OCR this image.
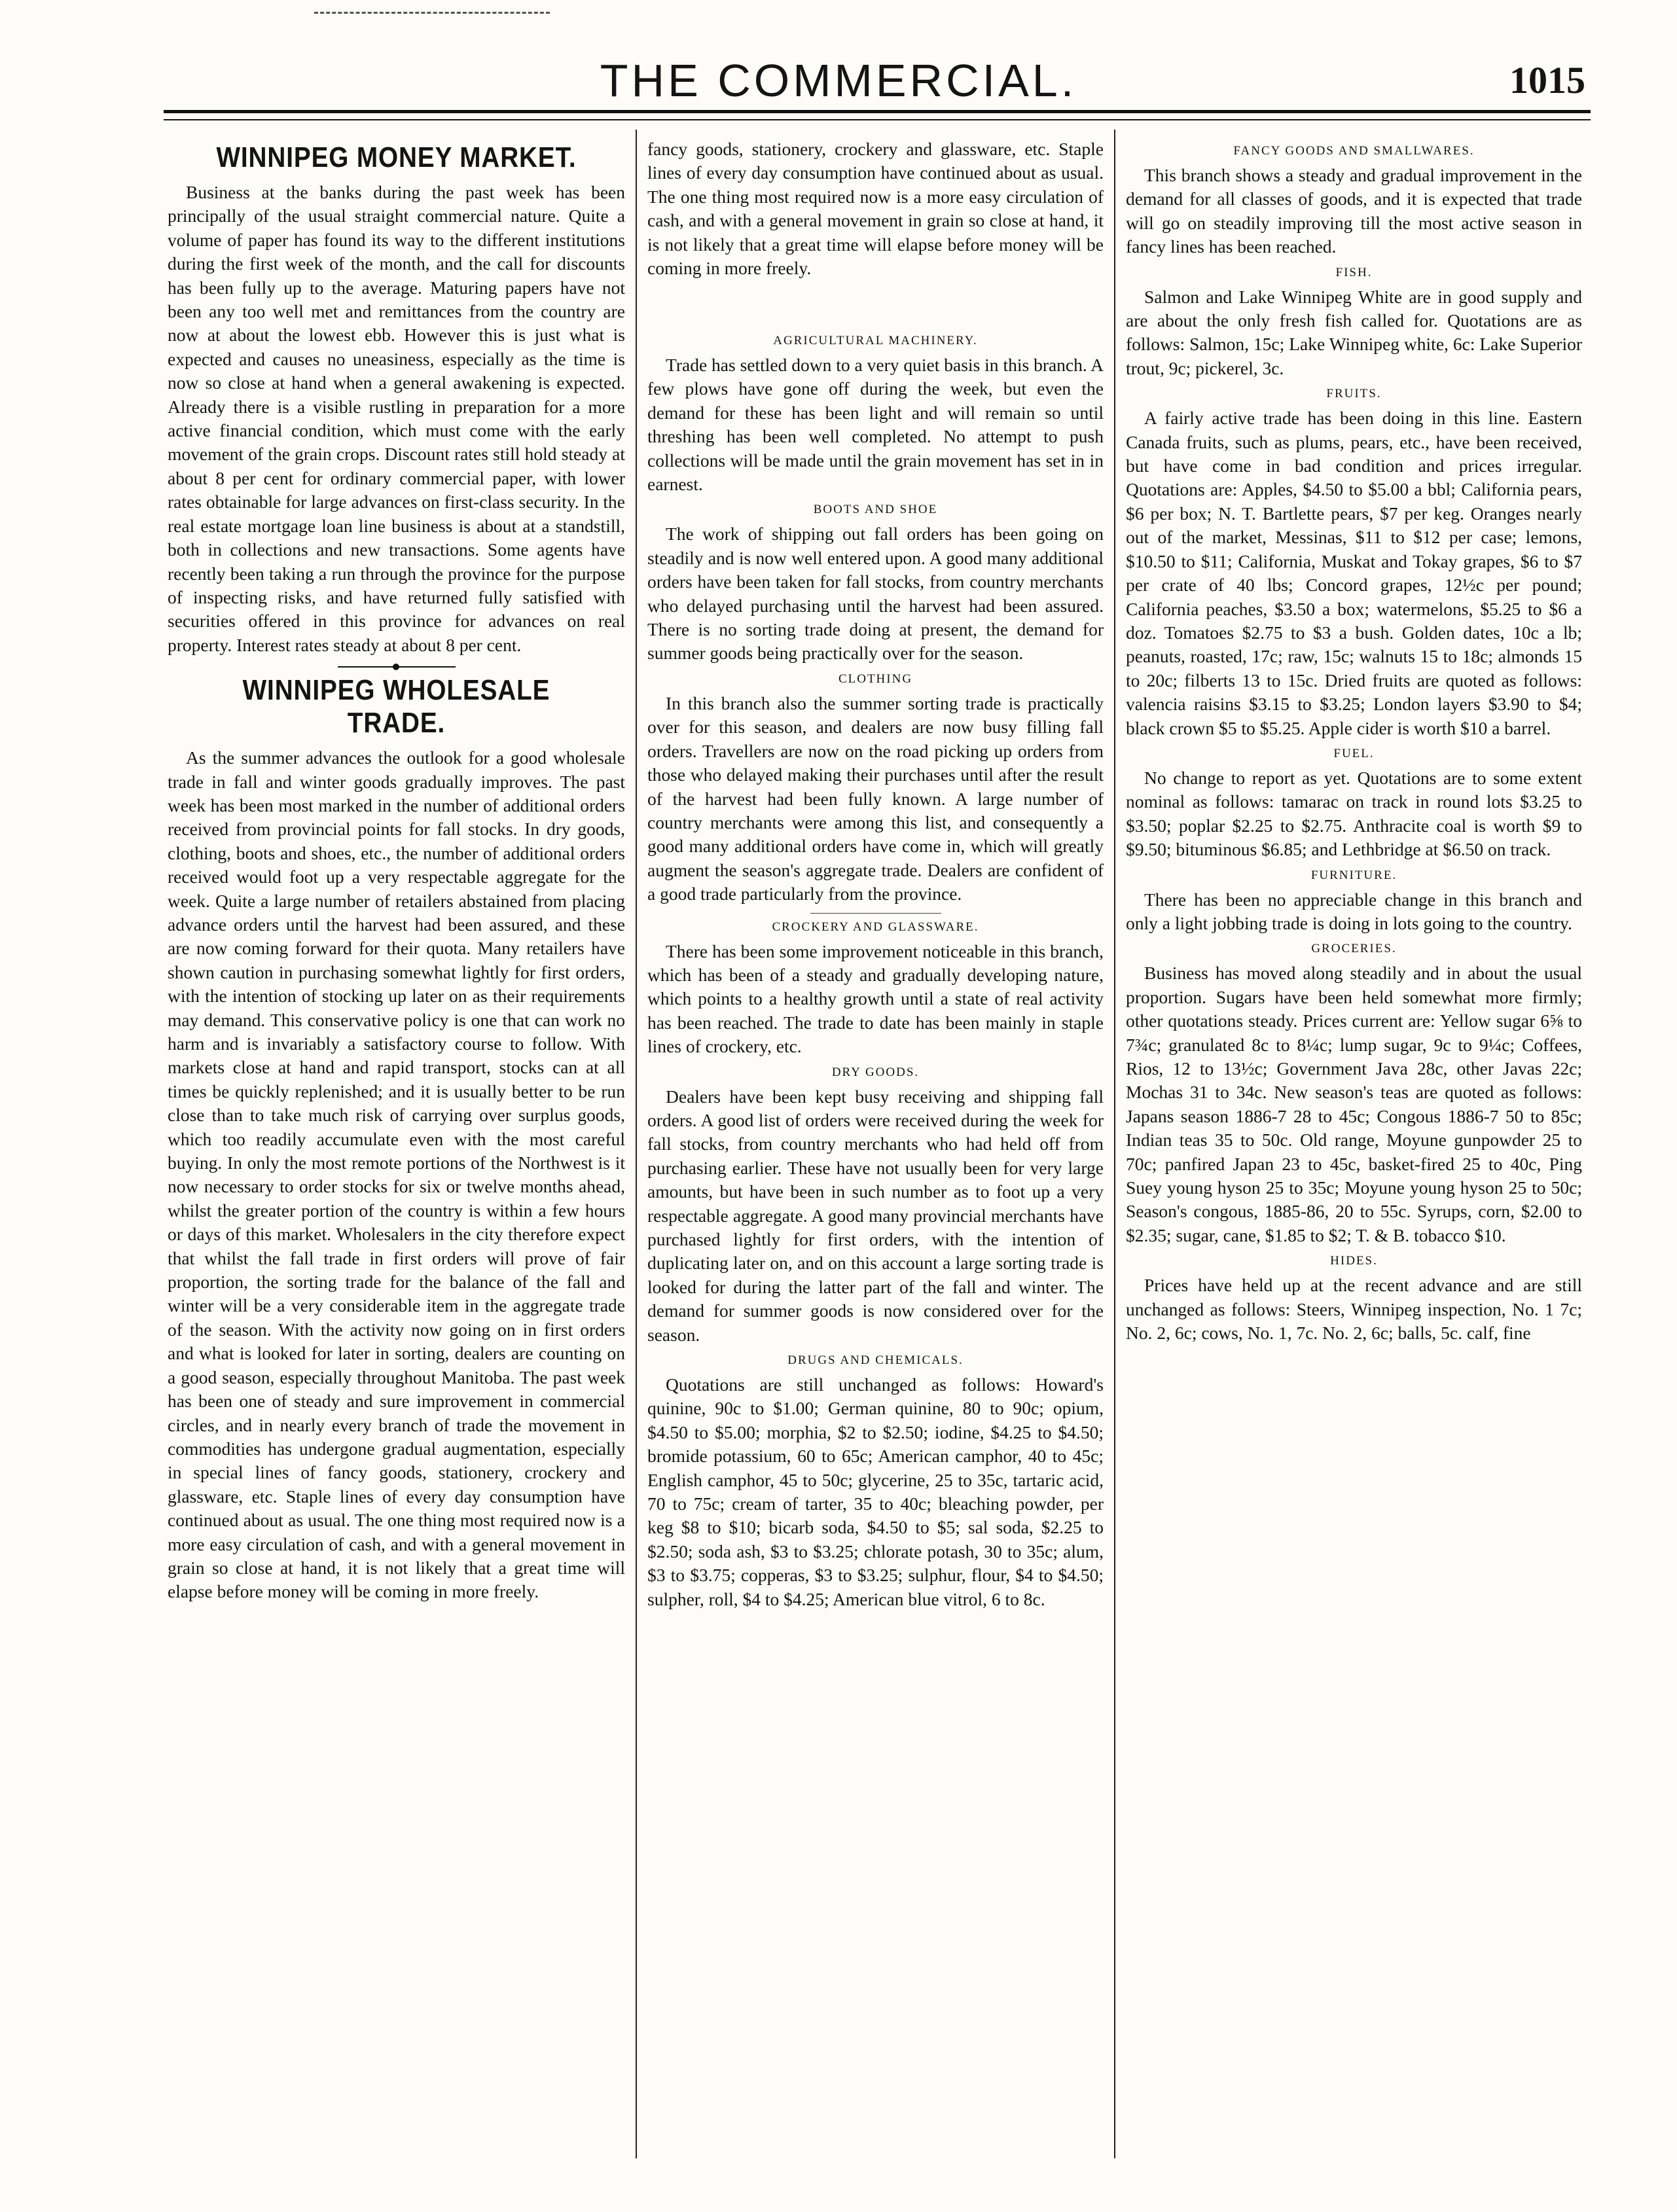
THE COMMERCIAL.	1015
WINNIPEG MONEY MARKET.

Business at the banks during the past week has been principally of the usual straight commercial nature. Quite a volume of paper has found its way to the different institutions during the first week of the month, and the call for discounts has been fully up to the average. Maturing papers have not been any too well met and remittances from the country are now at about the lowest ebb. However this is just what is expected and causes no uneasiness, especially as the time is now so close at hand when a general awakening is expected. Already there is a visible rustling in preparation for a more active financial condition, which must come with the early movement of the grain crops. Discount rates still hold steady at about 8 per cent for ordinary commercial paper, with lower rates obtainable for large advances on first-class security. In the real estate mortgage loan line business is about at a standstill, both in collections and new transactions. Some agents have recently been taking a run through the province for the purpose of inspecting risks, and have returned fully satisfied with securities offered in this province for advances on real property. Interest rates steady at about 8 per cent.

WINNIPEG WHOLESALE TRADE.

As the summer advances the outlook for a good wholesale trade in fall and winter goods gradually improves. The past week has been most marked in the number of additional orders received from provincial points for fall stocks. In dry goods, clothing, boots and shoes, etc., the number of additional orders received would foot up a very respectable aggregate for the week. Quite a large number of retailers abstained from placing advance orders until the harvest had been assured, and these are now coming forward for their quota. Many retailers have shown caution in purchasing somewhat lightly for first orders, with the intention of stocking up later on as their requirements may demand. This conservative policy is one that can work no harm and is invariably a satisfactory course to follow. With markets close at hand and rapid transport, stocks can at all times be quickly replenished; and it is usually better to be run close than to take much risk of carrying over surplus goods, which too readily accumulate even with the most careful buying. In only the most remote portions of the Northwest is it now necessary to order stocks for six or twelve months ahead, whilst the greater portion of the country is within a few hours or days of this market. Wholesalers in the city therefore expect that whilst the fall trade in first orders will prove of fair proportion, the sorting trade for the balance of the fall and winter will be a very considerable item in the aggregate trade of the season. With the activity now going on in first orders and what is looked for later in sorting, dealers are counting on a good season, especially throughout Manitoba. The past week has been one of steady and sure improvement in commercial circles, and in nearly every branch of trade the movement in commodities has undergone gradual augmentation, especially in special lines of fancy goods, stationery, crockery and glassware, etc. Staple lines of every day consumption have continued about as usual. The one thing most required now is a more easy circulation of cash, and with a general movement in grain so close at hand, it is not likely that a great time will elapse before money will be coming in more freely.

fancy goods, stationery, crockery and glassware, etc. Staple lines of every day consumption have continued about as usual. The one thing most required now is a more easy circulation of cash, and with a general movement in grain so close at hand, it is not likely that a great time will elapse before money will be coming in more freely.

AGRICULTURAL MACHINERY.

Trade has settled down to a very quiet basis in this branch. A few plows have gone off during the week, but even the demand for these has been light and will remain so until threshing has been well completed. No attempt to push collections will be made until the grain movement has set in in earnest.

BOOTS AND SHOE

The work of shipping out fall orders has been going on steadily and is now well entered upon. A good many additional orders have been taken for fall stocks, from country merchants who delayed purchasing until the harvest had been assured. There is no sorting trade doing at present, the demand for summer goods being practically over for the season.

CLOTHING

In this branch also the summer sorting trade is practically over for this season, and dealers are now busy filling fall orders. Travellers are now on the road picking up orders from those who delayed making their purchases until after the result of the harvest had been fully known. A large number of country merchants were among this list, and consequently a good many additional orders have come in, which will greatly augment the season's aggregate trade. Dealers are confident of a good trade particularly from the province.

CROCKERY AND GLASSWARE.

There has been some improvement noticeable in this branch, which has been of a steady and gradually developing nature, which points to a healthy growth until a state of real activity has been reached. The trade to date has been mainly in staple lines of crockery, etc.

DRY GOODS.

Dealers have been kept busy receiving and shipping fall orders. A good list of orders were received during the week for fall stocks, from country merchants who had held off from purchasing earlier. These have not usually been for very large amounts, but have been in such number as to foot up a very respectable aggregate. A good many provincial merchants have purchased lightly for first orders, with the intention of duplicating later on, and on this account a large sorting trade is looked for during the latter part of the fall and winter. The demand for summer goods is now considered over for the season.

DRUGS AND CHEMICALS.

Quotations are still unchanged as follows: Howard's quinine, 90c to $1.00; German quinine, 80 to 90c; opium, $4.50 to $5.00; morphia, $2 to $2.50; iodine, $4.25 to $4.50; bromide potassium, 60 to 65c; American camphor, 40 to 45c; English camphor, 45 to 50c; glycerine, 25 to 35c, tartaric acid, 70 to 75c; cream of tarter, 35 to 40c; bleaching powder, per keg $8 to $10; bicarb soda, $4.50 to $5; sal soda, $2.25 to $2.50; soda ash, $3 to $3.25; chlorate potash, 30 to 35c; alum, $3 to $3.75; copperas, $3 to $3.25; sulphur, flour, $4 to $4.50; sulpher, roll, $4 to $4.25; American blue vitrol, 6 to 8c.

FANCY GOODS AND SMALLWARES.

This branch shows a steady and gradual improvement in the demand for all classes of goods, and it is expected that trade will go on steadily improving till the most active season in fancy lines has been reached.

FISH.

Salmon and Lake Winnipeg White are in good supply and are about the only fresh fish called for. Quotations are as follows: Salmon, 15c; Lake Winnipeg white, 6c: Lake Superior trout, 9c; pickerel, 3c.

FRUITS.

A fairly active trade has been doing in this line. Eastern Canada fruits, such as plums, pears, etc., have been received, but have come in bad condition and prices irregular. Quotations are: Apples, $4.50 to $5.00 a bbl; California pears, $6 per box; N. T. Bartlette pears, $7 per keg. Oranges nearly out of the market, Messinas, $11 to $12 per case; lemons, $10.50 to $11; California, Muskat and Tokay grapes, $6 to $7 per crate of 40 lbs; Concord grapes, 12½c per pound; California peaches, $3.50 a box; watermelons, $5.25 to $6 a doz. Tomatoes $2.75 to $3 a bush. Golden dates, 10c a lb; peanuts, roasted, 17c; raw, 15c; walnuts 15 to 18c; almonds 15 to 20c; filberts 13 to 15c. Dried fruits are quoted as follows: valencia raisins $3.15 to $3.25; London layers $3.90 to $4; black crown $5 to $5.25. Apple cider is worth $10 a barrel.

FUEL.

No change to report as yet. Quotations are to some extent nominal as follows: tamarac on track in round lots $3.25 to $3.50; poplar $2.25 to $2.75. Anthracite coal is worth $9 to $9.50; bituminous $6.85; and Lethbridge at $6.50 on track.

FURNITURE.

There has been no appreciable change in this branch and only a light jobbing trade is doing in lots going to the country.

GROCERIES.

Business has moved along steadily and in about the usual proportion. Sugars have been held somewhat more firmly; other quotations steady. Prices current are: Yellow sugar 6⅝ to 7¾c; granulated 8c to 8¼c; lump sugar, 9c to 9¼c; Coffees, Rios, 12 to 13½c; Government Java 28c, other Javas 22c; Mochas 31 to 34c. New season's teas are quoted as follows: Japans season 1886-7 28 to 45c; Congous 1886-7 50 to 85c; Indian teas 35 to 50c. Old range, Moyune gunpowder 25 to 70c; panfired Japan 23 to 45c, basket-fired 25 to 40c, Ping Suey young hyson 25 to 35c; Moyune young hyson 25 to 50c; Season's congous, 1885-86, 20 to 55c. Syrups, corn, $2.00 to $2.35; sugar, cane, $1.85 to $2; T. & B. tobacco $10.

HIDES.

Prices have held up at the recent advance and are still unchanged as follows: Steers, Winnipeg inspection, No. 1 7c; No. 2, 6c; cows, No. 1, 7c. No. 2, 6c; balls, 5c. calf, fine
